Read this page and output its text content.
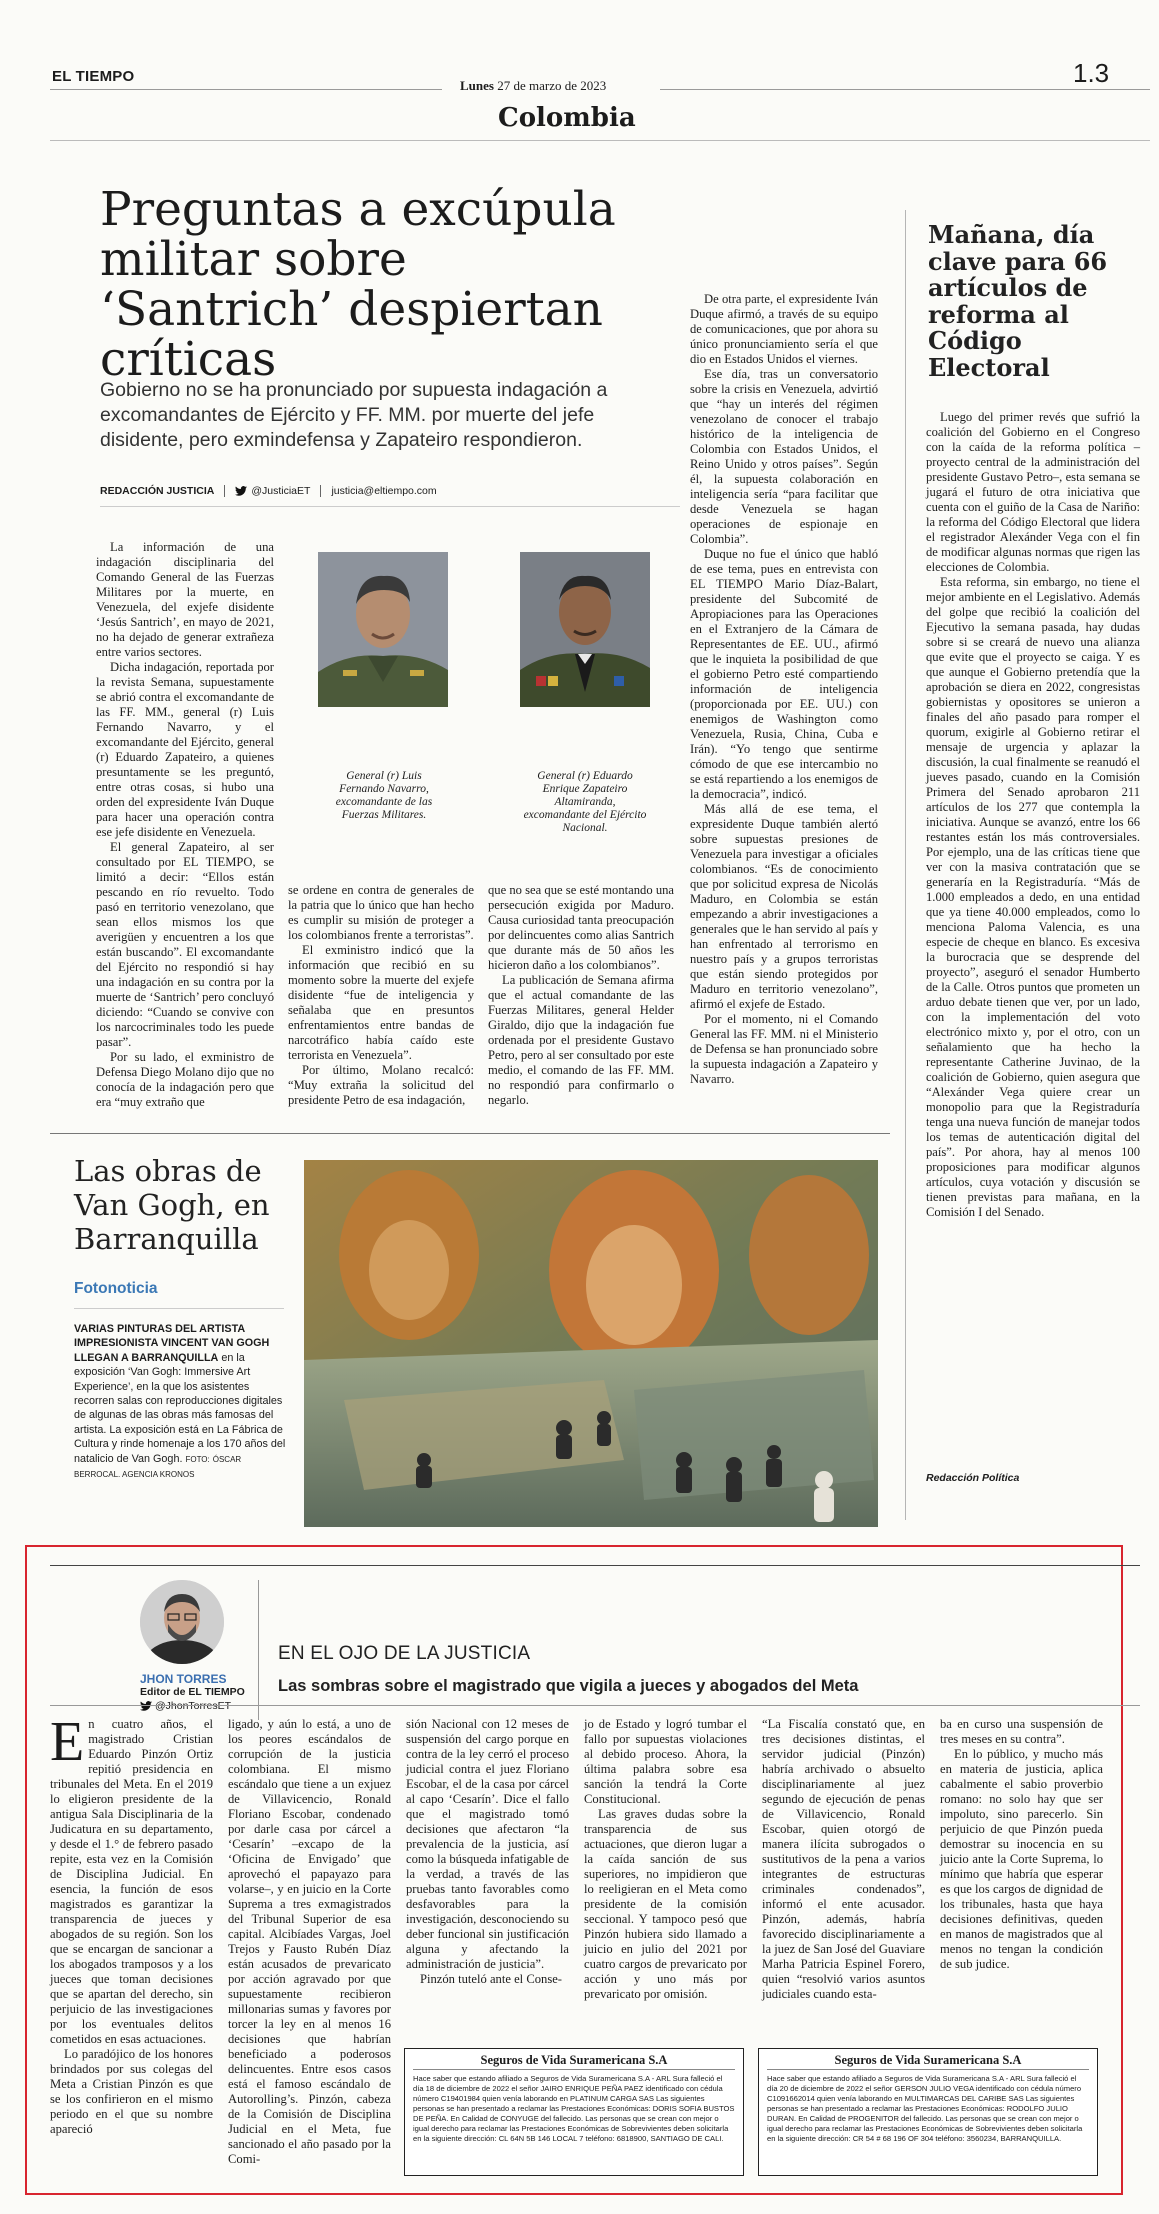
EL TIEMPO
Lunes 27 de marzo de 2023
Colombia
1.3
Preguntas a excúpula militar sobre ‘Santrich’ despiertan críticas
Gobierno no se ha pronunciado por supuesta indagación a excomandantes de Ejército y FF. MM. por muerte del jefe disidente, pero exmindefensa y Zapateiro respondieron.
REDACCIÓN JUSTICIA	@JusticiaET justicia@eltiempo.com

La información de una indagación disciplinaria del Comando General de las Fuerzas Militares por la muerte, en Venezuela, del exjefe disidente ‘Jesús Santrich’, en mayo de 2021, no ha dejado de generar extrañeza entre varios sectores.

Dicha indagación, reportada por la revista Semana, supuestamente se abrió contra el excomandante de las FF. MM., general (r) Luis Fernando Navarro, y el excomandante del Ejército, general (r) Eduardo Zapateiro, a quienes presuntamente se les preguntó, entre otras cosas, si hubo una orden del expresidente Iván Duque para hacer una operación contra ese jefe disidente en Venezuela.

El general Zapateiro, al ser consultado por EL TIEMPO, se limitó a decir: “Ellos están pescando en río revuelto. Todo pasó en territorio venezolano, que sean ellos mismos los que averigüen y encuentren a los que están buscando”. El excomandante del Ejército no respondió si hay una indagación en su contra por la muerte de ‘Santrich’ pero concluyó diciendo: “Cuando se convive con los narcocriminales todo les puede pasar”.

Por su lado, el exministro de Defensa Diego Molano dijo que no conocía de la indagación pero que era “muy extraño que

General (r) Luis Fernando Navarro, excomandante de las Fuerzas Militares.
General (r) Eduardo Enrique Zapateiro Altamiranda, excomandante del Ejército Nacional.

se ordene en contra de generales de la patria que lo único que han hecho es cumplir su misión de proteger a los colombianos frente a terroristas”.

El exministro indicó que la información que recibió en su momento sobre la muerte del exjefe disidente “fue de inteligencia y señalaba que en presuntos enfrentamientos entre bandas de narcotráfico había caído este terrorista en Venezuela”.

Por último, Molano recalcó: “Muy extraña la solicitud del presidente Petro de esa indagación,

que no sea que se esté montando una persecución exigida por Maduro. Causa curiosidad tanta preocupación por delincuentes como alias Santrich que durante más de 50 años les hicieron daño a los colombianos”.

La publicación de Semana afirma que el actual comandante de las Fuerzas Militares, general Helder Giraldo, dijo que la indagación fue ordenada por el presidente Gustavo Petro, pero al ser consultado por este medio, el comando de las FF. MM. no respondió para confirmarlo o negarlo.

De otra parte, el expresidente Iván Duque afirmó, a través de su equipo de comunicaciones, que por ahora su único pronunciamiento sería el que dio en Estados Unidos el viernes.

Ese día, tras un conversatorio sobre la crisis en Venezuela, advirtió que “hay un interés del régimen venezolano de conocer el trabajo histórico de la inteligencia de Colombia con Estados Unidos, el Reino Unido y otros países”. Según él, la supuesta colaboración en inteligencia sería “para facilitar que desde Venezuela se hagan operaciones de espionaje en Colombia”.

Duque no fue el único que habló de ese tema, pues en entrevista con EL TIEMPO Mario Díaz-Balart, presidente del Subcomité de Apropiaciones para las Operaciones en el Extranjero de la Cámara de Representantes de EE. UU., afirmó que le inquieta la posibilidad de que el gobierno Petro esté compartiendo información de inteligencia (proporcionada por EE. UU.) con enemigos de Washington como Venezuela, Rusia, China, Cuba e Irán). “Yo tengo que sentirme cómodo de que ese intercambio no se está repartiendo a los enemigos de la democracia”, indicó.

Más allá de ese tema, el expresidente Duque también alertó sobre supuestas presiones de Venezuela para investigar a oficiales colombianos. “Es de conocimiento que por solicitud expresa de Nicolás Maduro, en Colombia se están empezando a abrir investigaciones a generales que le han servido al país y han enfrentado al terrorismo en nuestro país y a grupos terroristas que están siendo protegidos por Maduro en territorio venezolano”, afirmó el exjefe de Estado.

Por el momento, ni el Comando General las FF. MM. ni el Ministerio de Defensa se han pronunciado sobre la supuesta indagación a Zapateiro y Navarro.

Mañana, día clave para 66 artículos de reforma al Código Electoral

Luego del primer revés que sufrió la coalición del Gobierno en el Congreso con la caída de la reforma política –proyecto central de la administración del presidente Gustavo Petro–, esta semana se jugará el futuro de otra iniciativa que cuenta con el guiño de la Casa de Nariño: la reforma del Código Electoral que lidera el registrador Alexánder Vega con el fin de modificar algunas normas que rigen las elecciones de Colombia.

Esta reforma, sin embargo, no tiene el mejor ambiente en el Legislativo. Además del golpe que recibió la coalición del Ejecutivo la semana pasada, hay dudas sobre si se creará de nuevo una alianza que evite que el proyecto se caiga. Y es que aunque el Gobierno pretendía que la aprobación se diera en 2022, congresistas gobiernistas y opositores se unieron a finales del año pasado para romper el quorum, exigirle al Gobierno retirar el mensaje de urgencia y aplazar la discusión, la cual finalmente se reanudó el jueves pasado, cuando en la Comisión Primera del Senado aprobaron 211 artículos de los 277 que contempla la iniciativa. Aunque se avanzó, entre los 66 restantes están los más controversiales. Por ejemplo, una de las críticas tiene que ver con la masiva contratación que se generaría en la Registraduría. “Más de 1.000 empleados a dedo, en una entidad que ya tiene 40.000 empleados, como lo menciona Paloma Valencia, es una especie de cheque en blanco. Es excesiva la burocracia que se desprende del proyecto”, aseguró el senador Humberto de la Calle. Otros puntos que prometen un arduo debate tienen que ver, por un lado, con la implementación del voto electrónico mixto y, por el otro, con un señalamiento que ha hecho la representante Catherine Juvinao, de la coalición de Gobierno, quien asegura que “Alexánder Vega quiere crear un monopolio para que la Registraduría tenga una nueva función de manejar todos los temas de autenticación digital del país”. Por ahora, hay al menos 100 proposiciones para modificar algunos artículos, cuya votación y discusión se tienen previstas para mañana, en la Comisión I del Senado.

Redacción Política
Las obras de Van Gogh, en Barranquilla
Fotonoticia
VARIAS PINTURAS DEL ARTISTA IMPRESIONISTA VINCENT VAN GOGH LLEGAN A BARRANQUILLA en la exposición ‘Van Gogh: Immersive Art Experience’, en la que los asistentes recorren salas con reproducciones digitales de algunas de las obras más famosas del artista. La exposición está en La Fábrica de Cultura y rinde homenaje a los 170 años del natalicio de Van Gogh. FOTO: ÓSCAR BERROCAL. AGENCIA KRONOS
JHON TORRES
Editor de EL TIEMPO
@JhonTorresET
EN EL OJO DE LA JUSTICIA
Las sombras sobre el magistrado que vigila a jueces y abogados del Meta
E n cuatro años, el magistrado Cristian Eduardo Pinzón Ortiz repitió presidencia en tribunales del Meta. En el 2019 lo eligieron presidente de la antigua Sala Disciplinaria de la Judicatura en su departamento, y desde el 1.° de febrero pasado repite, esta vez en la Comisión de Disciplina Judicial. En esencia, la función de esos magistrados es garantizar la transparencia de jueces y abogados de su región. Son los que se encargan de sancionar a los abogados tramposos y a los jueces que toman decisiones que se apartan del derecho, sin perjuicio de las investigaciones por los eventuales delitos cometidos en esas actuaciones.

Lo paradójico de los honores brindados por sus colegas del Meta a Cristian Pinzón es que se los confirieron en el mismo periodo en el que su nombre apareció

ligado, y aún lo está, a uno de los peores escándalos de corrupción de la justicia colombiana. El mismo escándalo que tiene a un exjuez de Villavicencio, Ronald Floriano Escobar, condenado por darle casa por cárcel a ‘Cesarín’ –excapo de la ‘Oficina de Envigado’ que aprovechó el papayazo para volarse–, y en juicio en la Corte Suprema a tres exmagistrados del Tribunal Superior de esa capital. Alcibíades Vargas, Joel Trejos y Fausto Rubén Díaz están acusados de prevaricato por acción agravado por que supuestamente recibieron millonarias sumas y favores por torcer la ley en al menos 16 decisiones que habrían beneficiado a poderosos delincuentes. Entre esos casos está el famoso escándalo de Autorolling’s. Pinzón, cabeza de la Comisión de Disciplina Judicial en el Meta, fue sancionado el año pasado por la Comi-

sión Nacional con 12 meses de suspensión del cargo porque en contra de la ley cerró el proceso judicial contra el juez Floriano Escobar, el de la casa por cárcel al capo ‘Cesarín’. Dice el fallo que el magistrado tomó decisiones que afectaron “la prevalencia de la justicia, así como la búsqueda infatigable de la verdad, a través de las pruebas tanto favorables como desfavorables para la investigación, desconociendo su deber funcional sin justificación alguna y afectando la administración de justicia”.

Pinzón tuteló ante el Conse-

jo de Estado y logró tumbar el fallo por supuestas violaciones al debido proceso. Ahora, la última palabra sobre esa sanción la tendrá la Corte Constitucional.

Las graves dudas sobre la transparencia de sus actuaciones, que dieron lugar a la caída sanción de sus superiores, no impidieron que lo reeligieran en el Meta como presidente de la comisión seccional. Y tampoco pesó que Pinzón hubiera sido llamado a juicio en julio del 2021 por cuatro cargos de prevaricato por acción y uno más por prevaricato por omisión.

“La Fiscalía constató que, en tres decisiones distintas, el servidor judicial (Pinzón) habría archivado o absuelto disciplinariamente al juez segundo de ejecución de penas de Villavicencio, Ronald Escobar, quien otorgó de manera ilícita subrogados o sustitutivos de la pena a varios integrantes de estructuras criminales condenados”, informó el ente acusador. Pinzón, además, habría favorecido disciplinariamente a la juez de San José del Guaviare Marha Patricia Espinel Forero, quien “resolvió varios asuntos judiciales cuando esta-

ba en curso una suspensión de tres meses en su contra”.

En lo público, y mucho más en materia de justicia, aplica cabalmente el sabio proverbio romano: no solo hay que ser impoluto, sino parecerlo. Sin perjuicio de que Pinzón pueda demostrar su inocencia en su juicio ante la Corte Suprema, lo mínimo que habría que esperar es que los cargos de dignidad de los tribunales, hasta que haya decisiones definitivas, queden en manos de magistrados que al menos no tengan la condición de sub judice.

Seguros de Vida Suramericana S.A
Hace saber que estando afiliado a Seguros de Vida Suramericana S.A - ARL Sura falleció el día 18 de diciembre de 2022 el señor JAIRO ENRIQUE PEÑA PAEZ identificado con cédula número C19401984 quien venía laborando en PLATINUM CARGA SAS Las siguientes personas se han presentado a reclamar las Prestaciones Económicas: DORIS SOFIA BUSTOS DE PEÑA. En Calidad de CONYUGE del fallecido. Las personas que se crean con mejor o igual derecho para reclamar las Prestaciones Económicas de Sobrevivientes deben solicitarla en la siguiente dirección: CL 64N 5B 146 LOCAL 7 teléfono: 6818900, SANTIAGO DE CALI.
Seguros de Vida Suramericana S.A
Hace saber que estando afiliado a Seguros de Vida Suramericana S.A - ARL Sura falleció el día 20 de diciembre de 2022 el señor GERSON JULIO VEGA identificado con cédula número C1091662014 quien venía laborando en MULTIMARCAS DEL CARIBE SAS Las siguientes personas se han presentado a reclamar las Prestaciones Económicas: RODOLFO JULIO DURAN. En Calidad de PROGENITOR del fallecido. Las personas que se crean con mejor o igual derecho para reclamar las Prestaciones Económicas de Sobrevivientes deben solicitarla en la siguiente dirección: CR 54 # 68 196 OF 304 teléfono: 3560234, BARRANQUILLA.
